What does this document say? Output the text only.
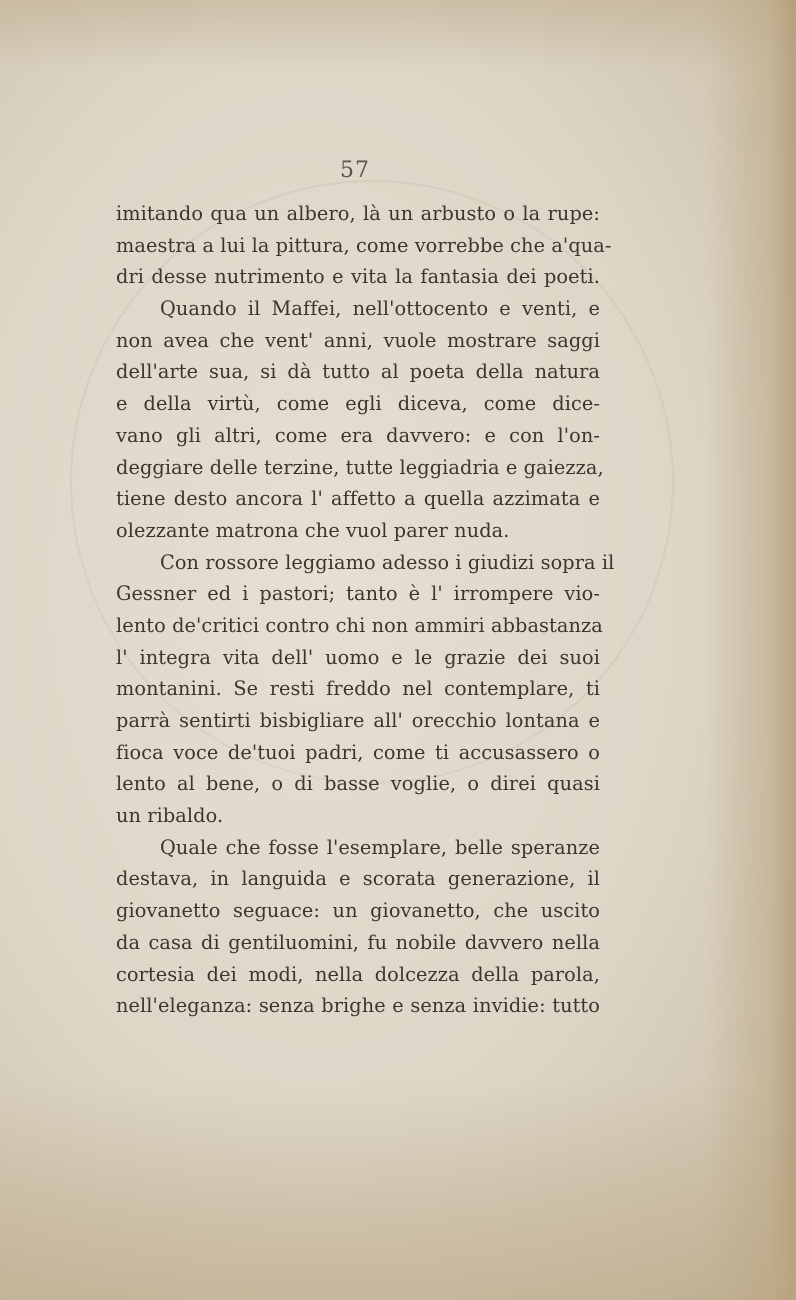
57
imitando qua un albero, là un arbusto o la rupe:
maestra a lui la pittura, come vorrebbe che a'qua-
dri desse nutrimento e vita la fantasia dei poeti.
Quando il Maffei, nell'ottocento e venti, e
non avea che vent' anni, vuole mostrare saggi
dell'arte sua, si dà tutto al poeta della natura
e della virtù, come egli diceva, come dice-
vano gli altri, come era davvero: e con l'on-
deggiare delle terzine, tutte leggiadria e gaiezza,
tiene desto ancora l' affetto a quella azzimata e
olezzante matrona che vuol parer nuda.
Con rossore leggiamo adesso i giudizi sopra il
Gessner ed i pastori; tanto è l' irrompere vio-
lento de'critici contro chi non ammiri abbastanza
l' integra vita dell' uomo e le grazie dei suoi
montanini. Se resti freddo nel contemplare, ti
parrà sentirti bisbigliare all' orecchio lontana e
fioca voce de'tuoi padri, come ti accusassero o
lento al bene, o di basse voglie, o direi quasi
un ribaldo.
Quale che fosse l'esemplare, belle speranze
destava, in languida e scorata generazione, il
giovanetto seguace: un giovanetto, che uscito
da casa di gentiluomini, fu nobile davvero nella
cortesia dei modi, nella dolcezza della parola,
nell'eleganza: senza brighe e senza invidie: tutto
